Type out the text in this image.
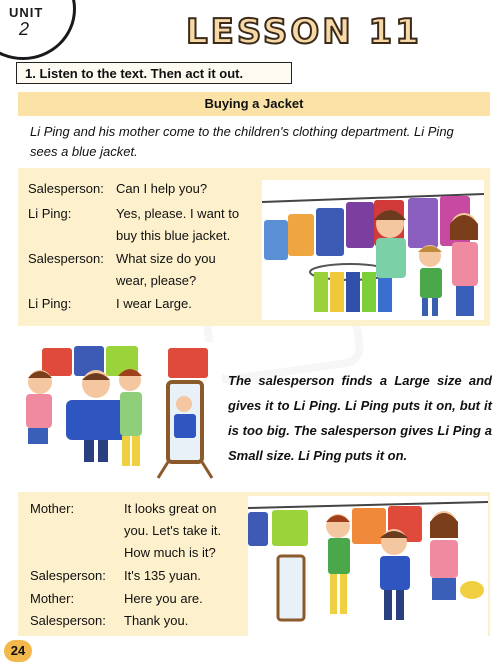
UNIT
2	LESSON 11
1. Listen to the text. Then act it out.
Buying a Jacket
Li Ping and his mother come to the children's clothing department. Li Ping sees a blue jacket.
Salesperson: Can I help you?
Li Ping:	Yes, please. I want to
buy this blue jacket.
Salesperson: What size do you
wear, please?
Li Ping:	I wear Large.
The salesperson finds a Large size and gives it to Li Ping. Li Ping puts it on, but it is too big. The salesperson gives Li Ping a Small size. Li Ping puts it on.
Mother:	It looks great on
you. Let's take it.
How much is it?
Salesperson: It's 135 yuan.
Mother:	Here you are.
Salesperson: Thank you.
24
